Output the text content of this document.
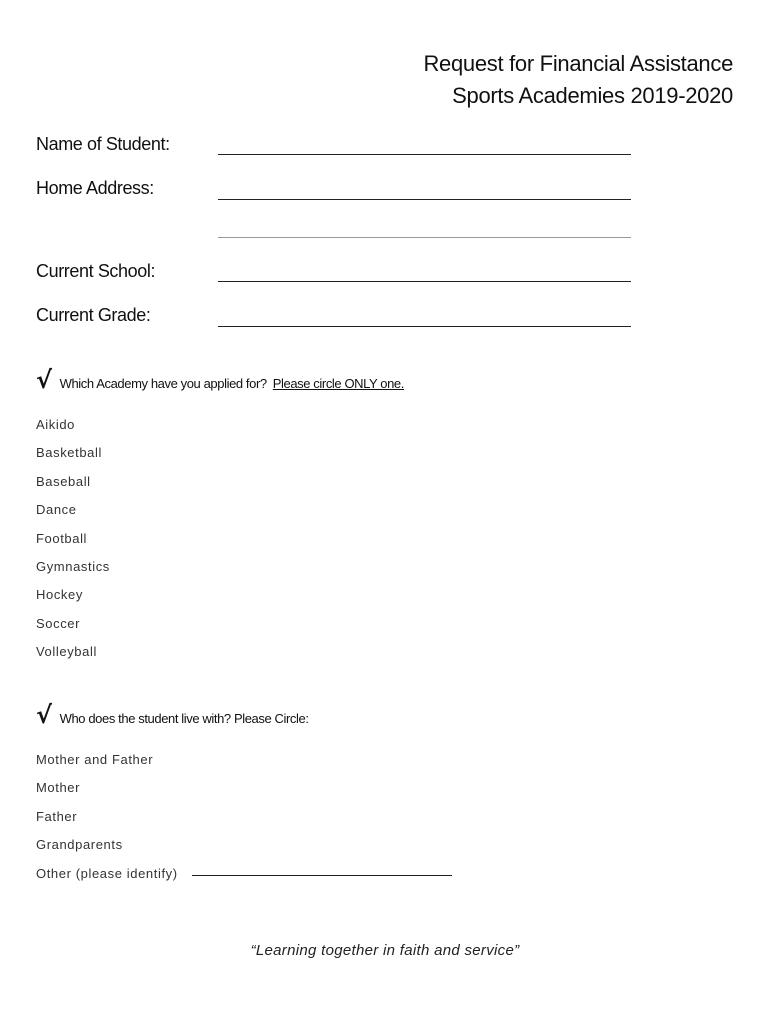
Request for Financial Assistance
Sports Academies 2019-2020
Name of Student:
Home Address:
Current School:
Current Grade:
√ Which Academy have you applied for? Please circle ONLY one.
Aikido
Basketball
Baseball
Dance
Football
Gymnastics
Hockey
Soccer
Volleyball
√ Who does the student live with? Please Circle:
Mother and Father
Mother
Father
Grandparents
Other (please identify)
“Learning together in faith and service”
